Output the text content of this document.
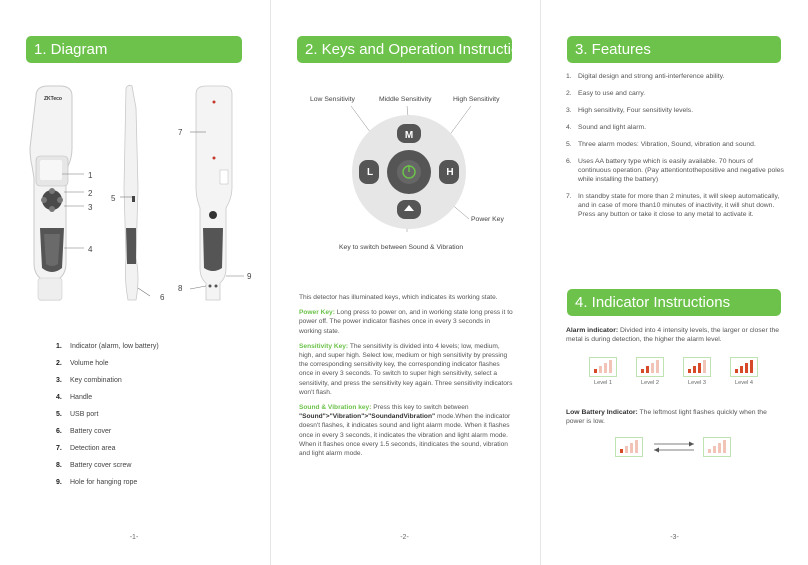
1. Diagram
ZKTeco
1
2
3
4
5
6
7
8
9
1.	Indicator (alarm, low battery)
2.	Volume hole
3.	Key combination
4.	Handle
5.	USB port
6.	Battery cover
7.	Detection area
8.	Battery cover screw
9.	Hole for hanging rope
-1-
2. Keys and Operation Instructions
Low Sensitivity	Middle Sensitivity	High Sensitivity
M
L	H
Power Key
Key to switch between Sound & Vibration

This detector has illuminated keys, which indicates its working state.

Power Key: Long press to power on, and in working state long press it to power off. The power indicator flashes once in every 3 seconds in working state.

Sensitivity Key: The sensitivity is divided into 4 levels; low, medium, high, and super high. Select low, medium or high sensitivity by pressing the corresponding sensitivity key, the corresponding indicator flashes once in every 3 seconds. To switch to super high sensitivity, select a sensitivity, and press the sensitivity key again. Three sensitivity indicators won't flash.

Sound & Vibration key: Press this key to switch between "Sound">"Vibration">"SoundandVibration" mode.When the indicator doesn't flashes, it indicates sound and light alarm mode. When it flashes once in every 3 seconds, it indicates the vibration and light alarm mode. When it flashes once every 1.5 seconds, itindicates the sound, vibration and light alarm mode.

-2-
3. Features
4. Indicator Instructions
-3-
1. Digital design and strong anti-interference ability.
2. Easy to use and carry.
3. High sensitivity, Four sensitivity levels.
4. Sound and light alarm.
5. Three alarm modes: Vibration, Sound, vibration and sound.
6. Uses AA battery type which is easily available. 70 hours of continuous operation. (Pay attentiontothepositive and negative poles while installing the battery)
7. In standby state for more than 2 minutes, it will sleep automatically, and in case of more than10 minutes of inactivity, it will shut down. Press any button or take it close to any metal to activate it.
Alarm indicator: Divided into 4 intensity levels, the larger or closer the metal is during detection, the higher the alarm level.
Level 1	Level 2	Level 3	Level 4
Low Battery Indicator: The leftmost light flashes quickly when the power is low.
